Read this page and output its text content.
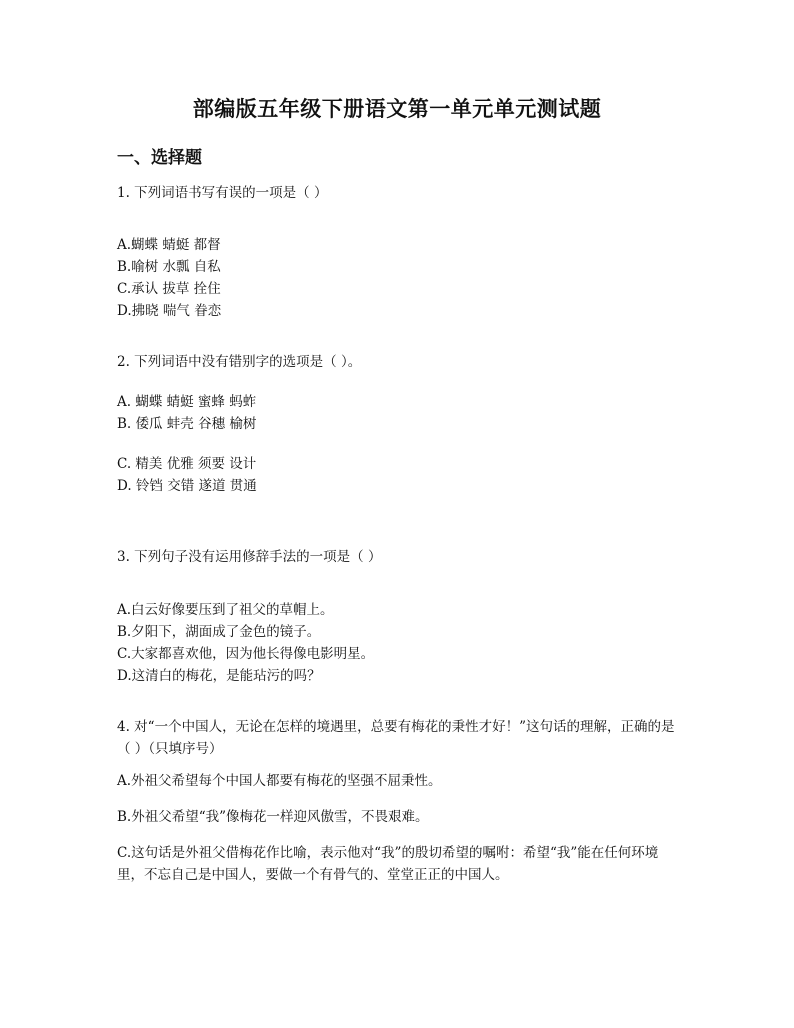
部编版五年级下册语文第一单元单元测试题
一、选择题
1. 下列词语书写有误的一项是（ ）
A.蝴蝶 蜻蜓 都督
B.喻树 水瓢 自私
C.承认 拔草 拴住
D.拂晓 喘气 眷恋
2. 下列词语中没有错别字的选项是（ ）。
A. 蝴蝶 蜻蜓 蜜蜂 蚂蚱
B. 倭瓜 蚌壳 谷穗 榆树
C. 精美 优雅 须要 设计
D. 铃铛 交错 遂道 贯通
3. 下列句子没有运用修辞手法的一项是（ ）
A.白云好像要压到了祖父的草帽上。
B.夕阳下，湖面成了金色的镜子。
C.大家都喜欢他，因为他长得像电影明星。
D.这清白的梅花，是能玷污的吗？
4. 对“一个中国人，无论在怎样的境遇里，总要有梅花的秉性才好！”这句话的理解，正确的是（ ）（只填序号）
A.外祖父希望每个中国人都要有梅花的坚强不屈秉性。
B.外祖父希望“我”像梅花一样迎风傲雪，不畏艰难。
C.这句话是外祖父借梅花作比喻，表示他对“我”的殷切希望的嘱咐：希望“我”能在任何环境里，不忘自己是中国人，要做一个有骨气的、堂堂正正的中国人。
